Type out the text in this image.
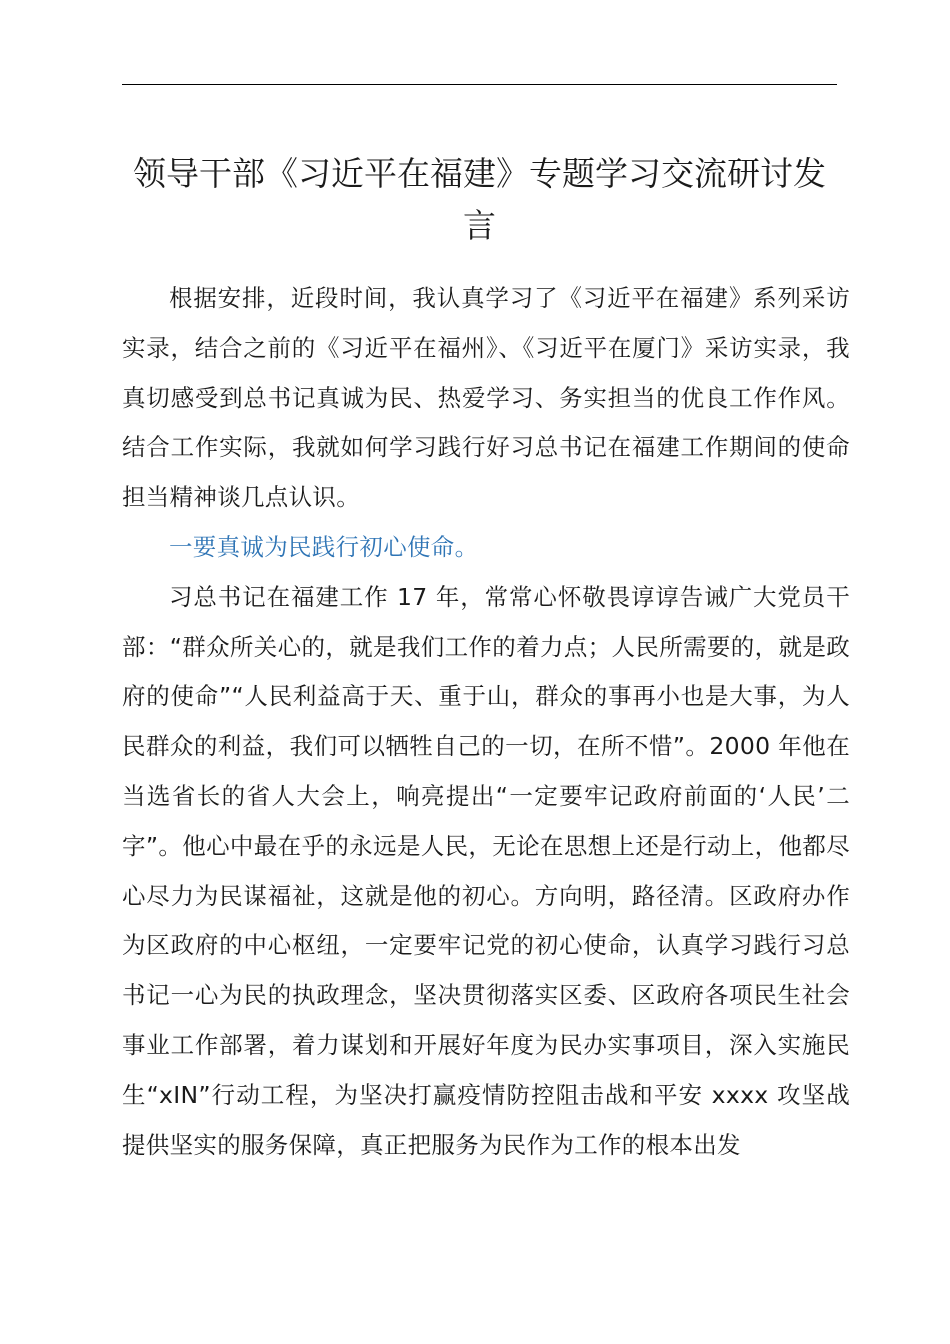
领导干部《习近平在福建》专题学习交流研讨发言

根据安排，近段时间，我认真学习了《习近平在福建》系列采访实录，结合之前的《习近平在福州》、《习近平在厦门》采访实录，我真切感受到总书记真诚为民、热爱学习、务实担当的优良工作作风。结合工作实际，我就如何学习践行好习总书记在福建工作期间的使命担当精神谈几点认识。

一要真诚为民践行初心使命。

习总书记在福建工作 17 年，常常心怀敬畏谆谆告诫广大党员干部：“群众所关心的，就是我们工作的着力点；人民所需要的，就是政府的使命”“人民利益高于天、重于山，群众的事再小也是大事，为人民群众的利益，我们可以牺牲自己的一切，在所不惜”。2000 年他在当选省长的省人大会上，响亮提出“一定要牢记政府前面的‘人民’二字”。他心中最在乎的永远是人民，无论在思想上还是行动上，他都尽心尽力为民谋福祉，这就是他的初心。方向明，路径清。区政府办作为区政府的中心枢纽，一定要牢记党的初心使命，认真学习践行习总书记一心为民的执政理念，坚决贯彻落实区委、区政府各项民生社会事业工作部署，着力谋划和开展好年度为民办实事项目，深入实施民生“xIN”行动工程，为坚决打赢疫情防控阻击战和平安 xxxx 攻坚战提供坚实的服务保障，真正把服务为民作为工作的根本出发
